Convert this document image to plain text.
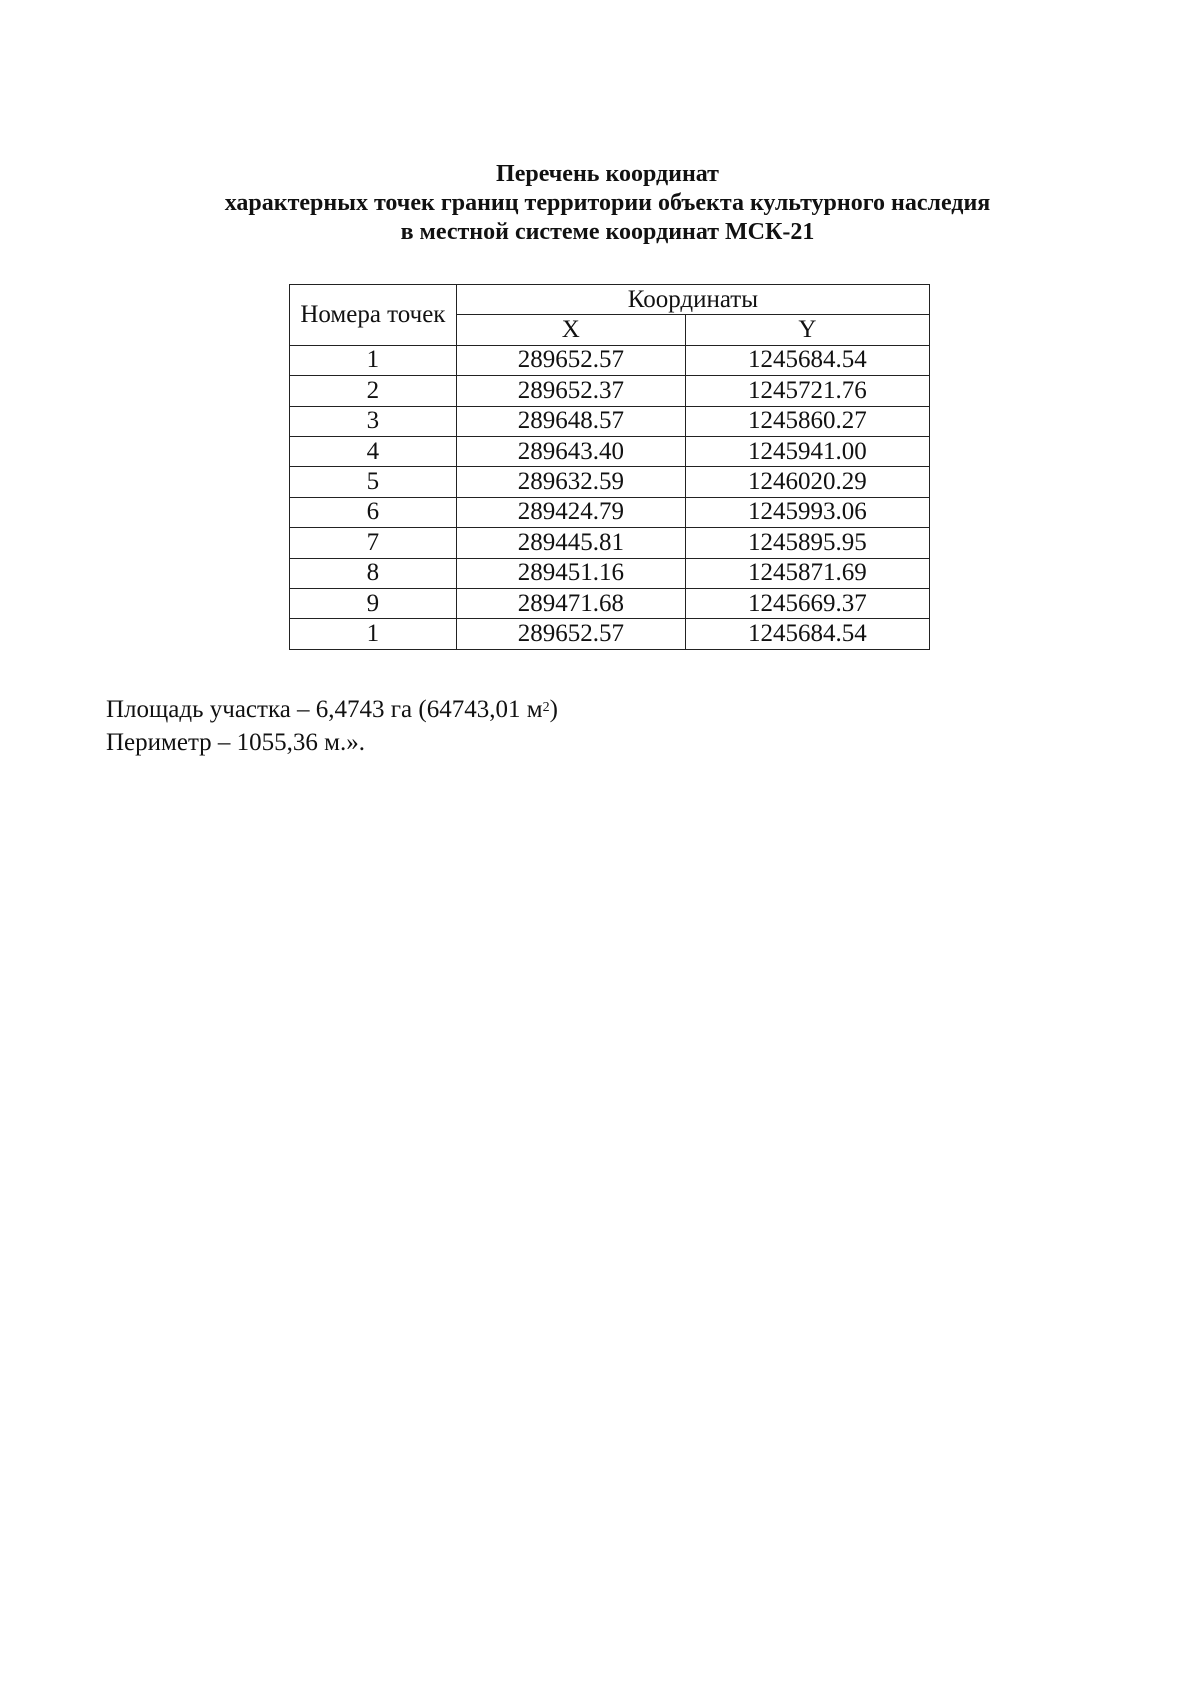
Перечень координат
характерных точек границ территории объекта культурного наследия
в местной системе координат МСК-21
Номера точек	Координаты	
	X	Y
1	289652.57	1245684.54
2	289652.37	1245721.76
3	289648.57	1245860.27
4	289643.40	1245941.00
5	289632.59	1246020.29
6	289424.79	1245993.06
7	289445.81	1245895.95
8	289451.16	1245871.69
9	289471.68	1245669.37
1	289652.57	1245684.54
Площадь участка – 6,4743 га (64743,01 $м^2$)
Периметр – 1055,36 м.».
